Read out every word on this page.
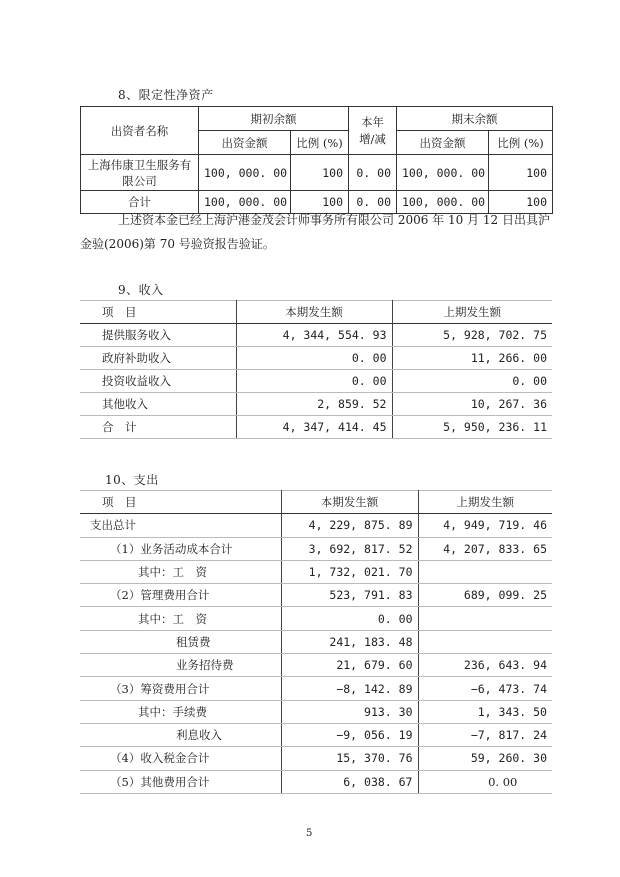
8、限定性净资产
出资者名称	期初余额		本年增/减	期末余额	
	出资金额	比例 (%)		出资金额	比例 (%)
上海伟康卫生服务有限公司	100, 000. 00	100	0. 00	100, 000. 00	100
合计	100, 000. 00	100	0. 00	100, 000. 00	100
上述资本金已经上海沪港金茂会计师事务所有限公司 2006 年 10 月 12 日出具沪
金验(2006)第 70 号验资报告验证。
9、收入
项　目	本期发生额	上期发生额
提供服务收入	4, 344, 554. 93	5, 928, 702. 75
政府补助收入	0. 00	11, 266. 00
投资收益收入	0. 00	0. 00
其他收入	2, 859. 52	10, 267. 36
合　计	4, 347, 414. 45	5, 950, 236. 11
10、支出
项　目	本期发生额	上期发生额
支出总计	4, 229, 875. 89	4, 949, 719. 46
（1）业务活动成本合计	3, 692, 817. 52	4, 207, 833. 65
其中：工　资	1, 732, 021. 70	
（2）管理费用合计	523, 791. 83	689, 099. 25
其中：工　资	0. 00	
租赁费	241, 183. 48	
业务招待费	21, 679. 60	236, 643. 94
（3）筹资费用合计	−8, 142. 89	−6, 473. 74
其中：手续费	913. 30	1, 343. 50
利息收入	−9, 056. 19	−7, 817. 24
（4）收入税金合计	15, 370. 76	59, 260. 30
（5）其他费用合计	6, 038. 67	0. 00
5
